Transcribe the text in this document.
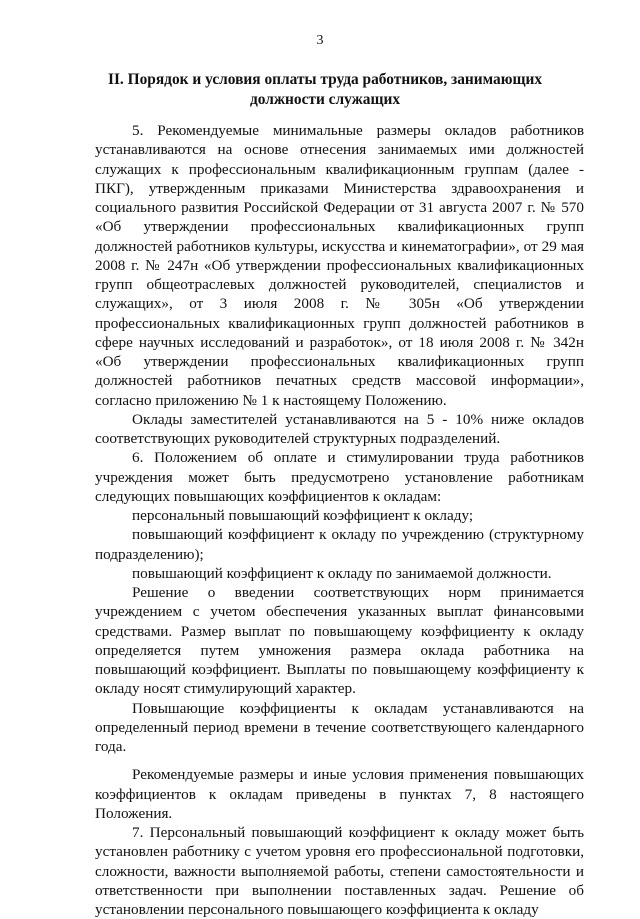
3
II. Порядок и условия оплаты труда работников, занимающих должности служащих

5. Рекомендуемые минимальные размеры окладов работников устанавливаются на основе отнесения занимаемых ими должностей служащих к профессиональным квалификационным группам (далее - ПКГ), утвержденным приказами Министерства здравоохранения и социального развития Российской Федерации от 31 августа 2007 г. № 570 «Об утверждении профессиональных квалификационных групп должностей работников культуры, искусства и кинематографии», от 29 мая 2008 г. № 247н «Об утверждении профессиональных квалификационных групп общеотраслевых должностей руководителей, специалистов и служащих», от 3 июля 2008 г. № 305н «Об утверждении профессиональных квалификационных групп должностей работников в сфере научных исследований и разработок», от 18 июля 2008 г. № 342н «Об утверждении профессиональных квалификационных групп должностей работников печатных средств массовой информации», согласно приложению № 1 к настоящему Положению.

Оклады заместителей устанавливаются на 5 - 10% ниже окладов соответствующих руководителей структурных подразделений.

6. Положением об оплате и стимулировании труда работников учреждения может быть предусмотрено установление работникам следующих повышающих коэффициентов к окладам:

персональный повышающий коэффициент к окладу;

повышающий коэффициент к окладу по учреждению (структурному подразделению);

повышающий коэффициент к окладу по занимаемой должности.

Решение о введении соответствующих норм принимается учреждением с учетом обеспечения указанных выплат финансовыми средствами. Размер выплат по повышающему коэффициенту к окладу определяется путем умножения размера оклада работника на повышающий коэффициент. Выплаты по повышающему коэффициенту к окладу носят стимулирующий характер.

Повышающие коэффициенты к окладам устанавливаются на определенный период времени в течение соответствующего календарного года.

Рекомендуемые размеры и иные условия применения повышающих коэффициентов к окладам приведены в пунктах 7, 8 настоящего Положения.

7. Персональный повышающий коэффициент к окладу может быть установлен работнику с учетом уровня его профессиональной подготовки, сложности, важности выполняемой работы, степени самостоятельности и ответственности при выполнении поставленных задач. Решение об установлении персонального повышающего коэффициента к окладу
